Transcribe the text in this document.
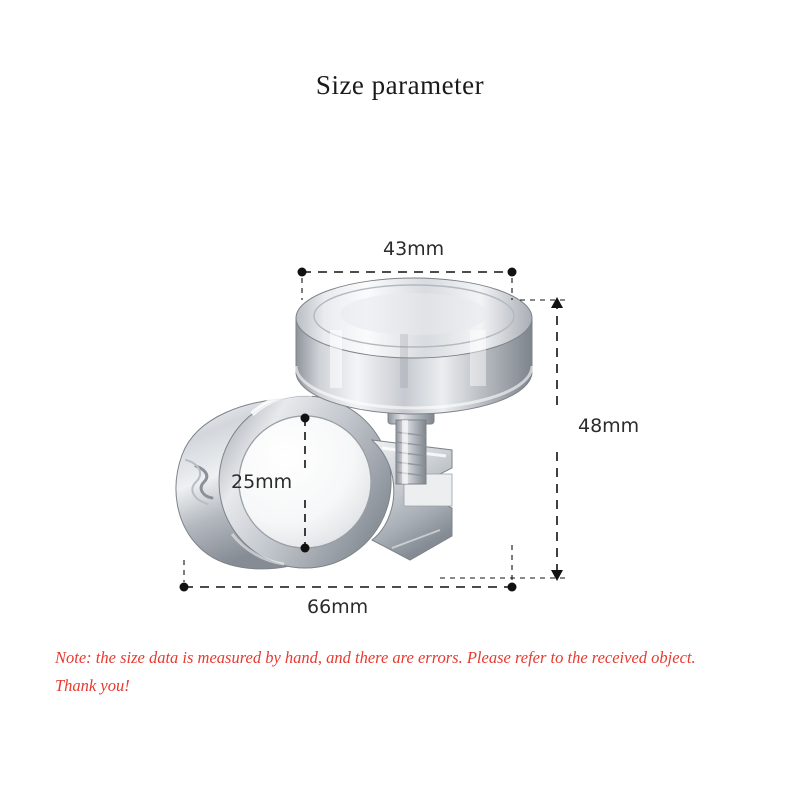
Size parameter
43mm
48mm
25mm
66mm
Note: the size data is measured by hand, and there are errors. Please refer to the received object.
Thank you!
